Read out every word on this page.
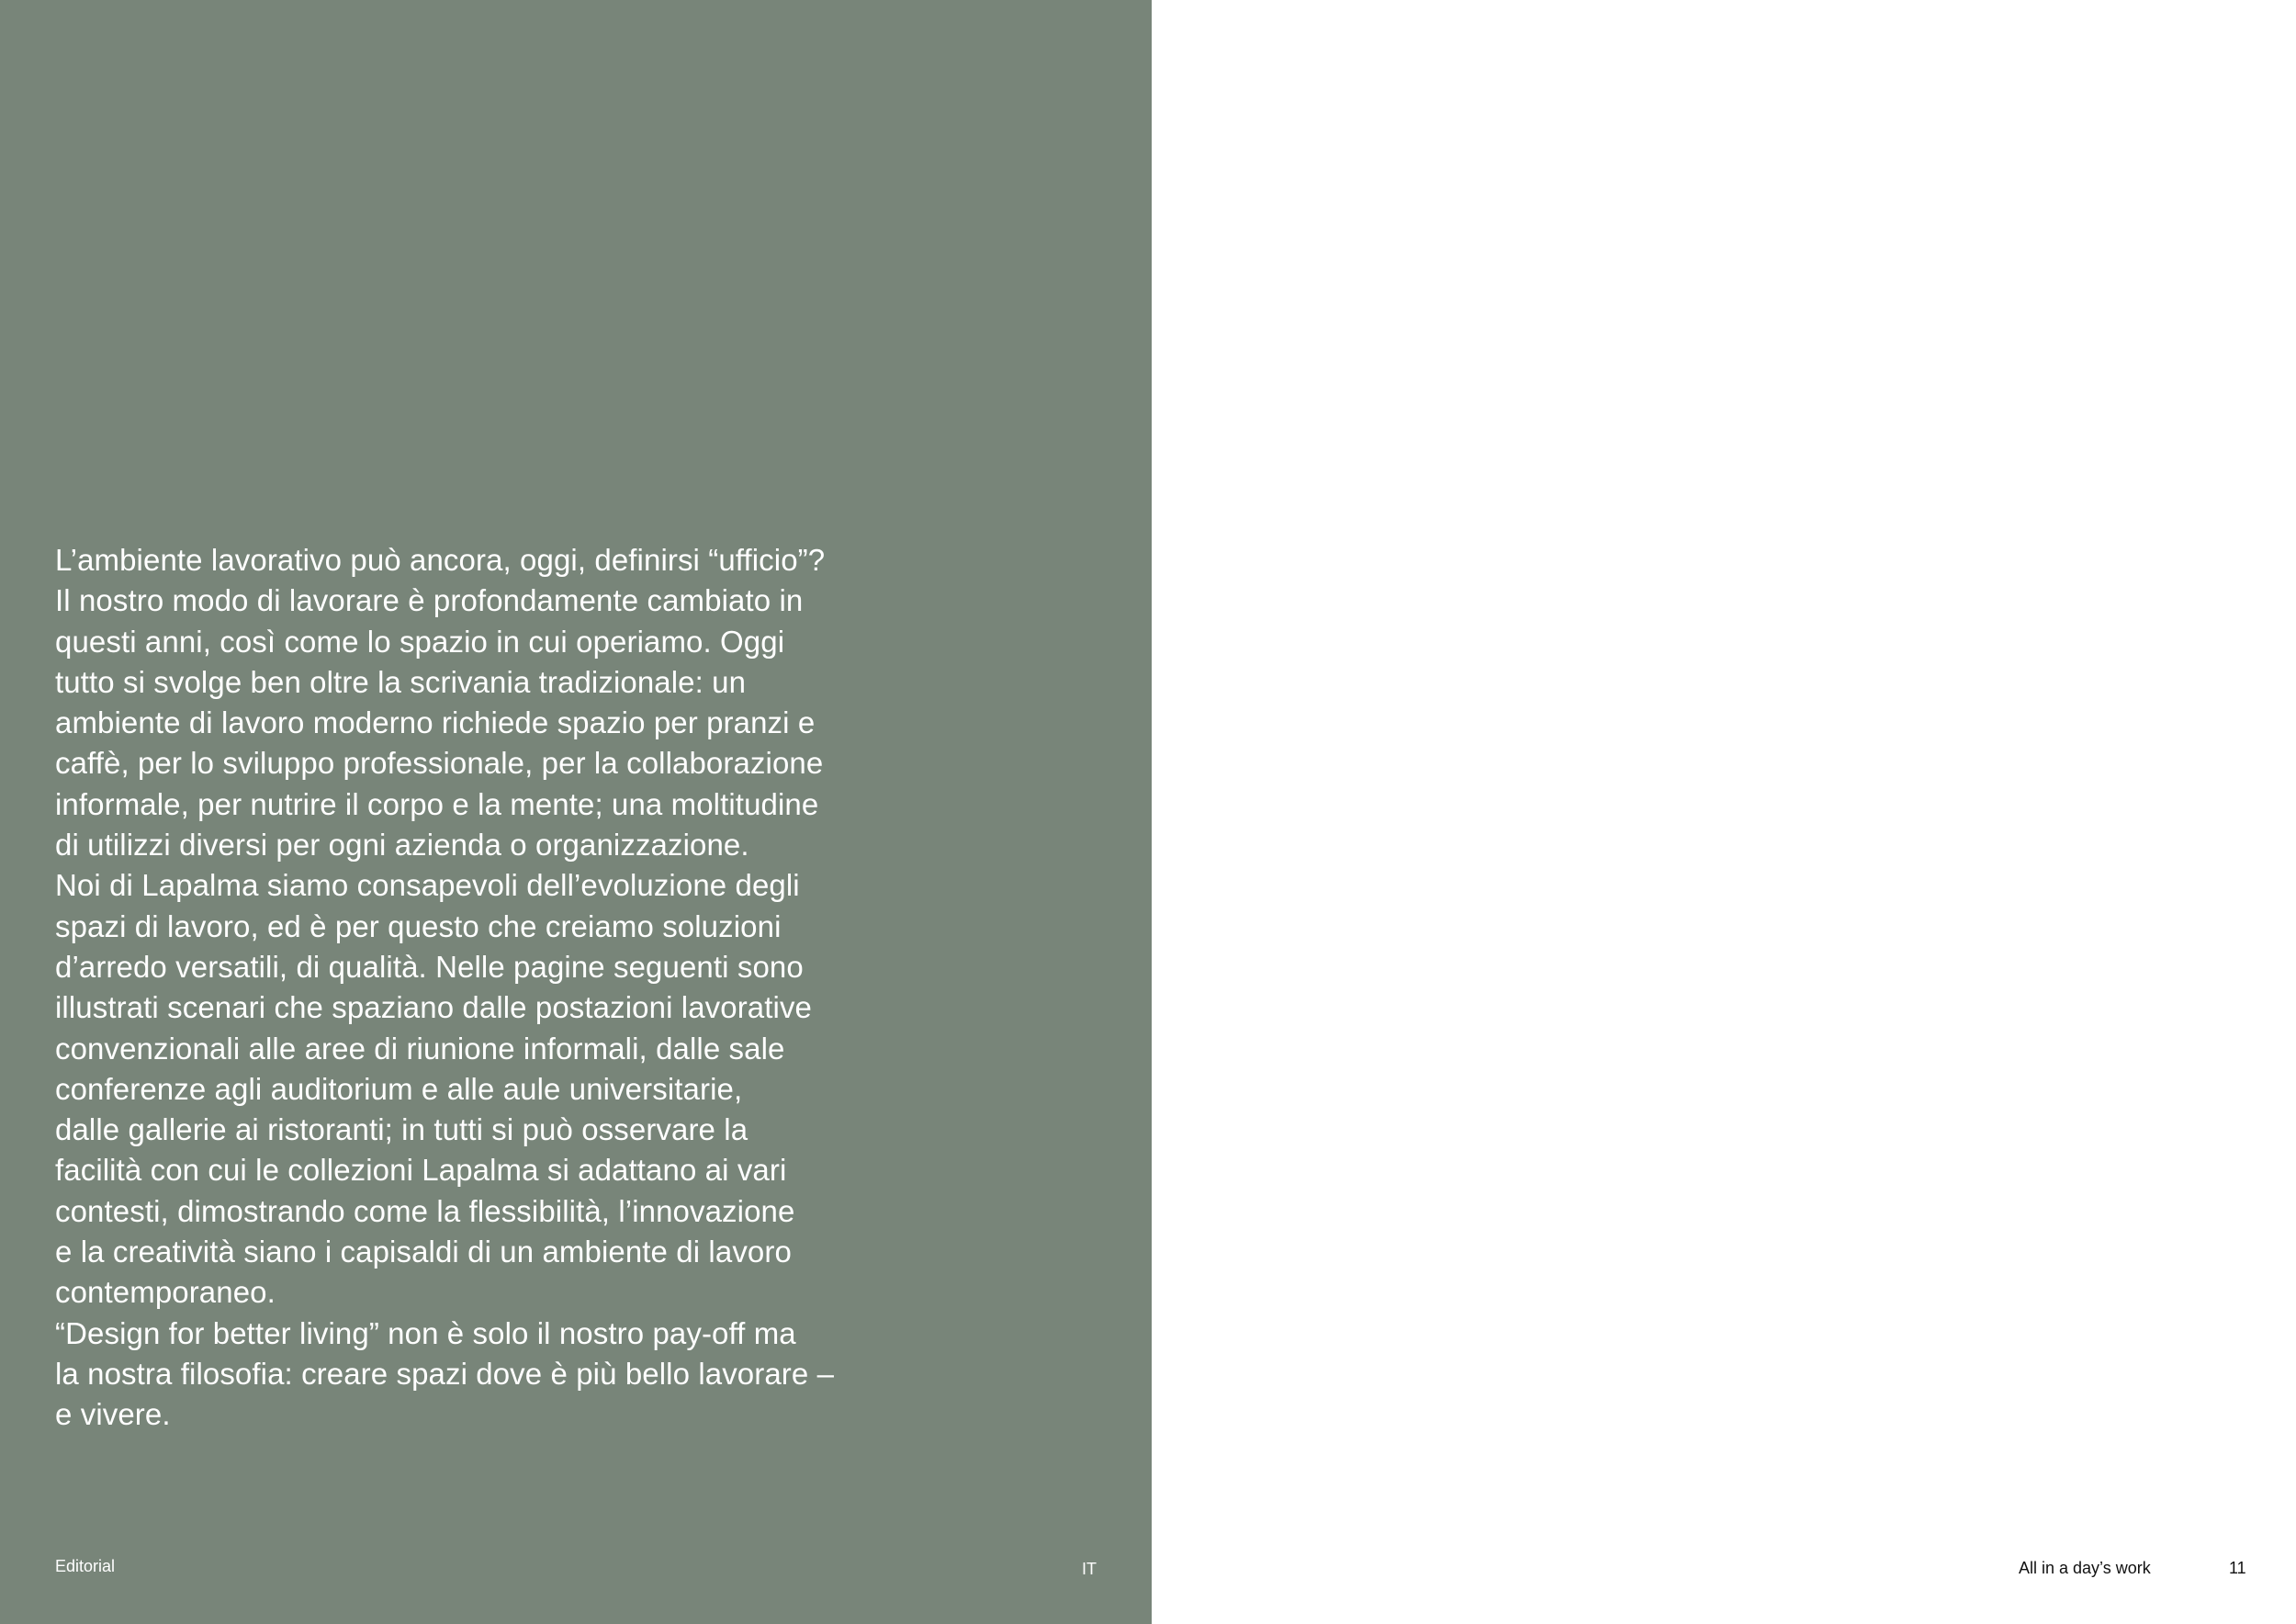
L’ambiente lavorativo può ancora, oggi, definirsi “ufficio”?

Il nostro modo di lavorare è profondamente cambiato in

questi anni, così come lo spazio in cui operiamo. Oggi

tutto si svolge ben oltre la scrivania tradizionale: un

ambiente di lavoro moderno richiede spazio per pranzi e

caffè, per lo sviluppo professionale, per la collaborazione

informale, per nutrire il corpo e la mente; una moltitudine

di utilizzi diversi per ogni azienda o organizzazione.

Noi di Lapalma siamo consapevoli dell’evoluzione degli

spazi di lavoro, ed è per questo che creiamo soluzioni

d’arredo versatili, di qualità. Nelle pagine seguenti sono

illustrati scenari che spaziano dalle postazioni lavorative

convenzionali alle aree di riunione informali, dalle sale

conferenze agli auditorium e alle aule universitarie,

dalle gallerie ai ristoranti; in tutti si può osservare la

facilità con cui le collezioni Lapalma si adattano ai vari

contesti, dimostrando come la flessibilità, l’innovazione

e la creatività siano i capisaldi di un ambiente di lavoro

contemporaneo.

“Design for better living” non è solo il nostro pay-off ma

la nostra filosofia: creare spazi dove è più bello lavorare –

e vivere.

Editorial	IT	All in a day’s work	11
